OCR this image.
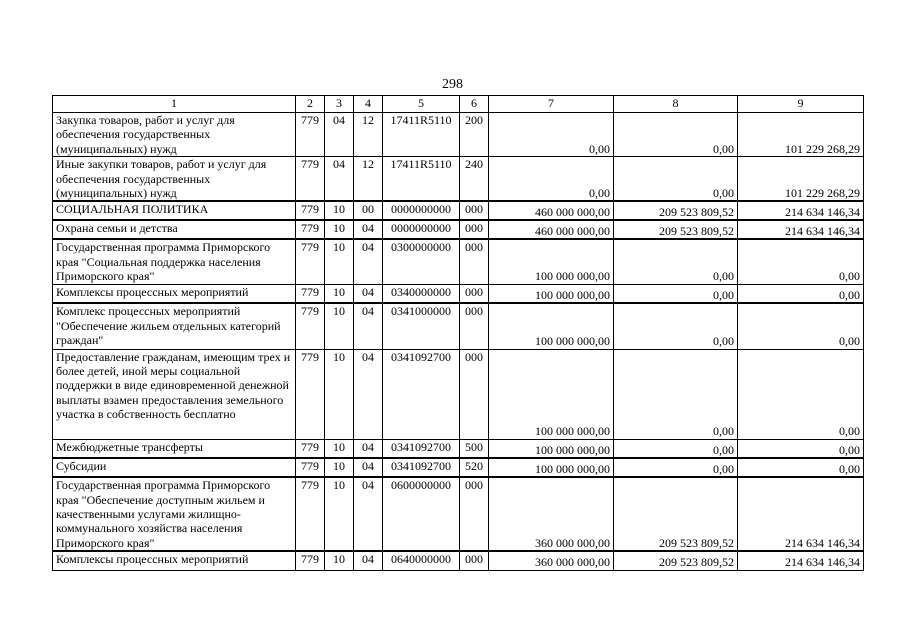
298
1	2	3	4	5	6	7	8	9
Закупка товаров, работ и услуг для обеспечения государственных (муниципальных) нужд	779	04	12	17411R5110	200	0,00	0,00	101 229 268,29
Иные закупки товаров, работ и услуг для обеспечения государственных (муниципальных) нужд	779	04	12	17411R5110	240	0,00	0,00	101 229 268,29
СОЦИАЛЬНАЯ ПОЛИТИКА	779	10	00	0000000000	000	460 000 000,00	209 523 809,52	214 634 146,34
Охрана семьи и детства	779	10	04	0000000000	000	460 000 000,00	209 523 809,52	214 634 146,34
Государственная программа Приморского края "Социальная поддержка населения Приморского края"	779	10	04	0300000000	000	100 000 000,00	0,00	0,00
Комплексы процессных мероприятий	779	10	04	0340000000	000	100 000 000,00	0,00	0,00
Комплекс процессных мероприятий "Обеспечение жильем отдельных категорий граждан"	779	10	04	0341000000	000	100 000 000,00	0,00	0,00
Предоставление гражданам, имеющим трех и более детей, иной меры социальной поддержки в виде единовременной денежной выплаты взамен предоставления земельного участка в собственность бесплатно	779	10	04	0341092700	000	100 000 000,00	0,00	0,00
Межбюджетные трансферты	779	10	04	0341092700	500	100 000 000,00	0,00	0,00
Субсидии	779	10	04	0341092700	520	100 000 000,00	0,00	0,00
Государственная программа Приморского края "Обеспечение доступным жильем и качественными услугами жилищно-коммунального хозяйства населения Приморского края"	779	10	04	0600000000	000	360 000 000,00	209 523 809,52	214 634 146,34
Комплексы процессных мероприятий	779	10	04	0640000000	000	360 000 000,00	209 523 809,52	214 634 146,34
